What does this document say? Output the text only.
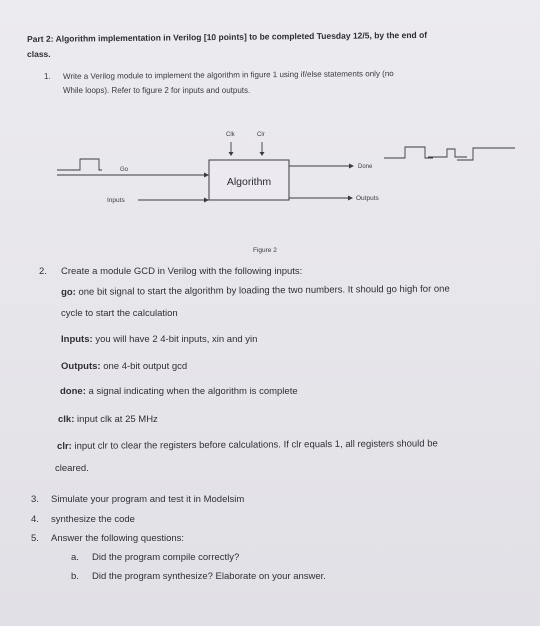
Part 2: Algorithm implementation in Verilog [10 points] to be completed Tuesday 12/5, by the end of
class.
1. Write a Verilog module to implement the algorithm in figure 1 using if/else statements only (no
While loops). Refer to figure 2 for inputs and outputs.
Clk	Clr
Algorithm
Go
Inputs
Done
Outputs
Figure 2
2. Create a module GCD in Verilog with the following inputs:
go: one bit signal to start the algorithm by loading the two numbers. It should go high for one
cycle to start the calculation
Inputs: you will have 2 4-bit inputs, xin and yin
Outputs: one 4-bit output gcd
done: a signal indicating when the algorithm is complete
clk: input clk at 25 MHz
clr: input clr to clear the registers before calculations. If clr equals 1, all registers should be
cleared.
3. Simulate your program and test it in Modelsim
4. synthesize the code
5. Answer the following questions:
a. Did the program compile correctly?
b. Did the program synthesize? Elaborate on your answer.
